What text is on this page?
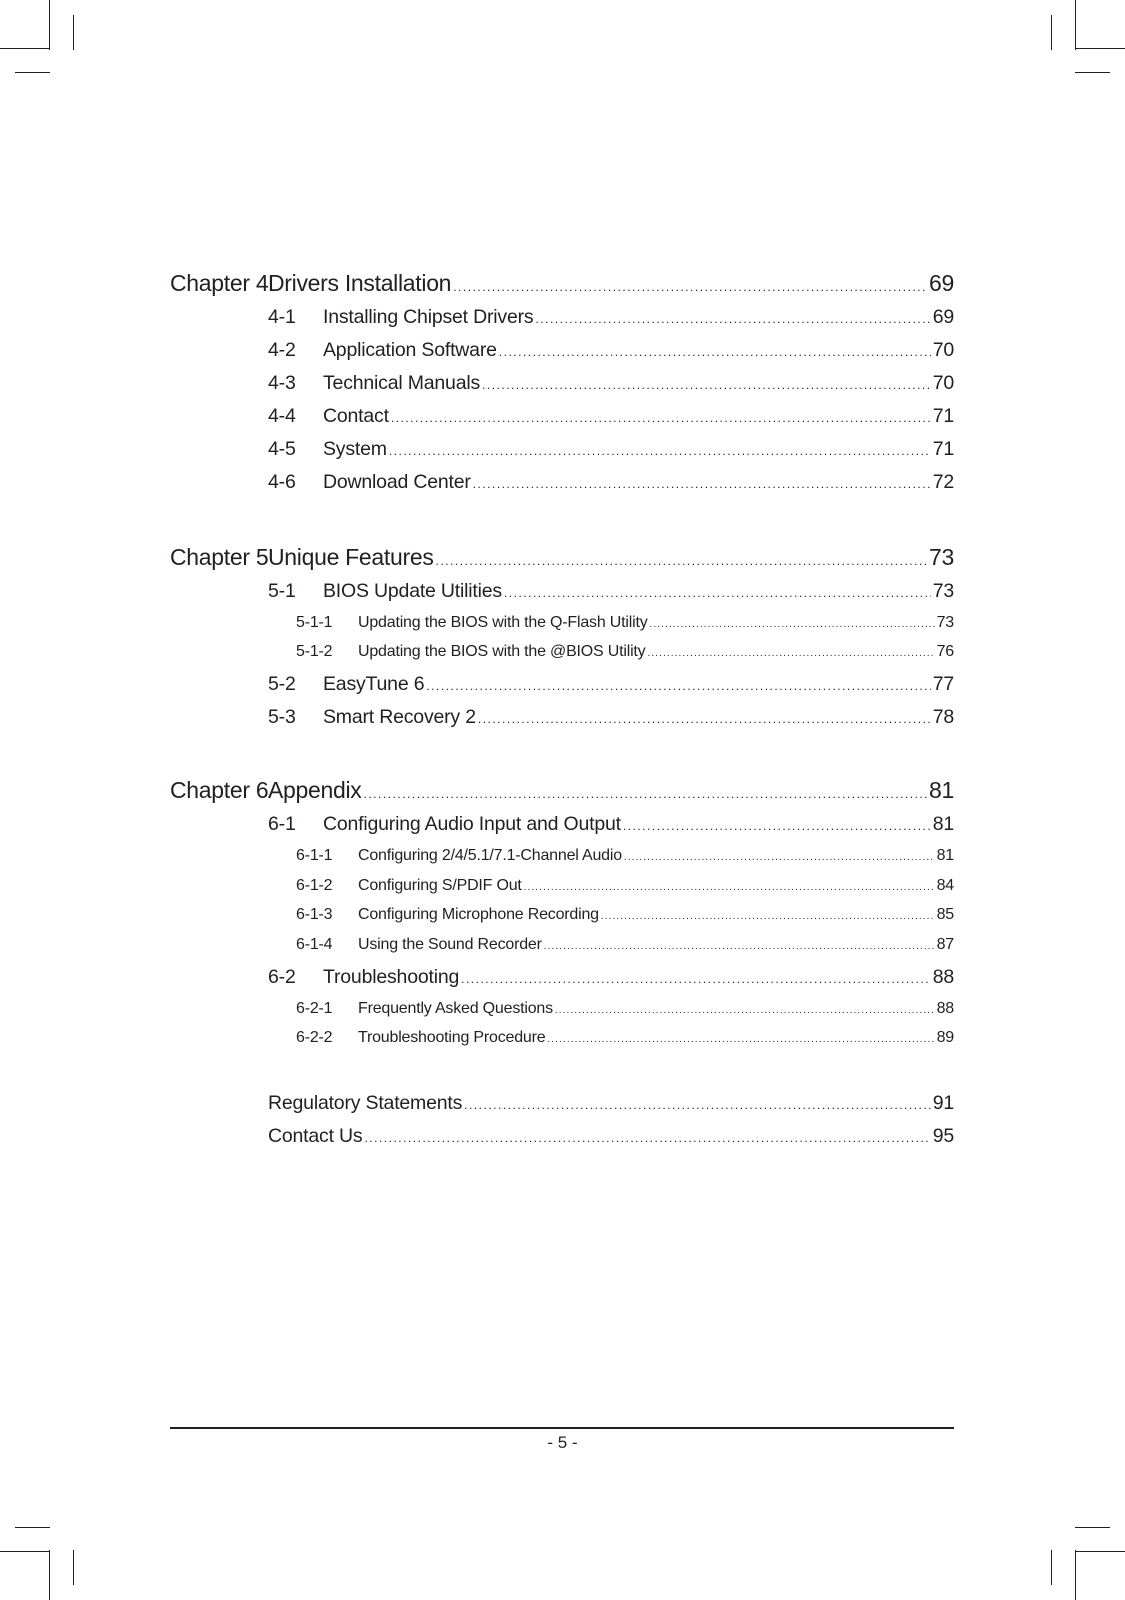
Chapter 4 Drivers Installation .....	69
4-1	Installing Chipset Drivers .....	69
4-2	Application Software .....	70
4-3	Technical Manuals .....	70
4-4	Contact .....	71
4-5	System .....	71
4-6	Download Center .....	72
Chapter 5 Unique Features .....	73
5-1	BIOS Update Utilities .....	73
5-1-1	Updating the BIOS with the Q-Flash Utility .....	73
5-1-2	Updating the BIOS with the @BIOS Utility .....	76
5-2	EasyTune 6 .....	77
5-3	Smart Recovery 2 .....	78
Chapter 6 Appendix .....	81
6-1	Configuring Audio Input and Output .....	81
6-1-1	Configuring 2/4/5.1/7.1-Channel Audio .....	81
6-1-2	Configuring S/PDIF Out .....	84
6-1-3	Configuring Microphone Recording .....	85
6-1-4	Using the Sound Recorder .....	87
6-2	Troubleshooting .....	88
6-2-1	Frequently Asked Questions .....	88
6-2-2	Troubleshooting Procedure .....	89
Regulatory Statements .....	91
Contact Us .....	95
- 5 -
